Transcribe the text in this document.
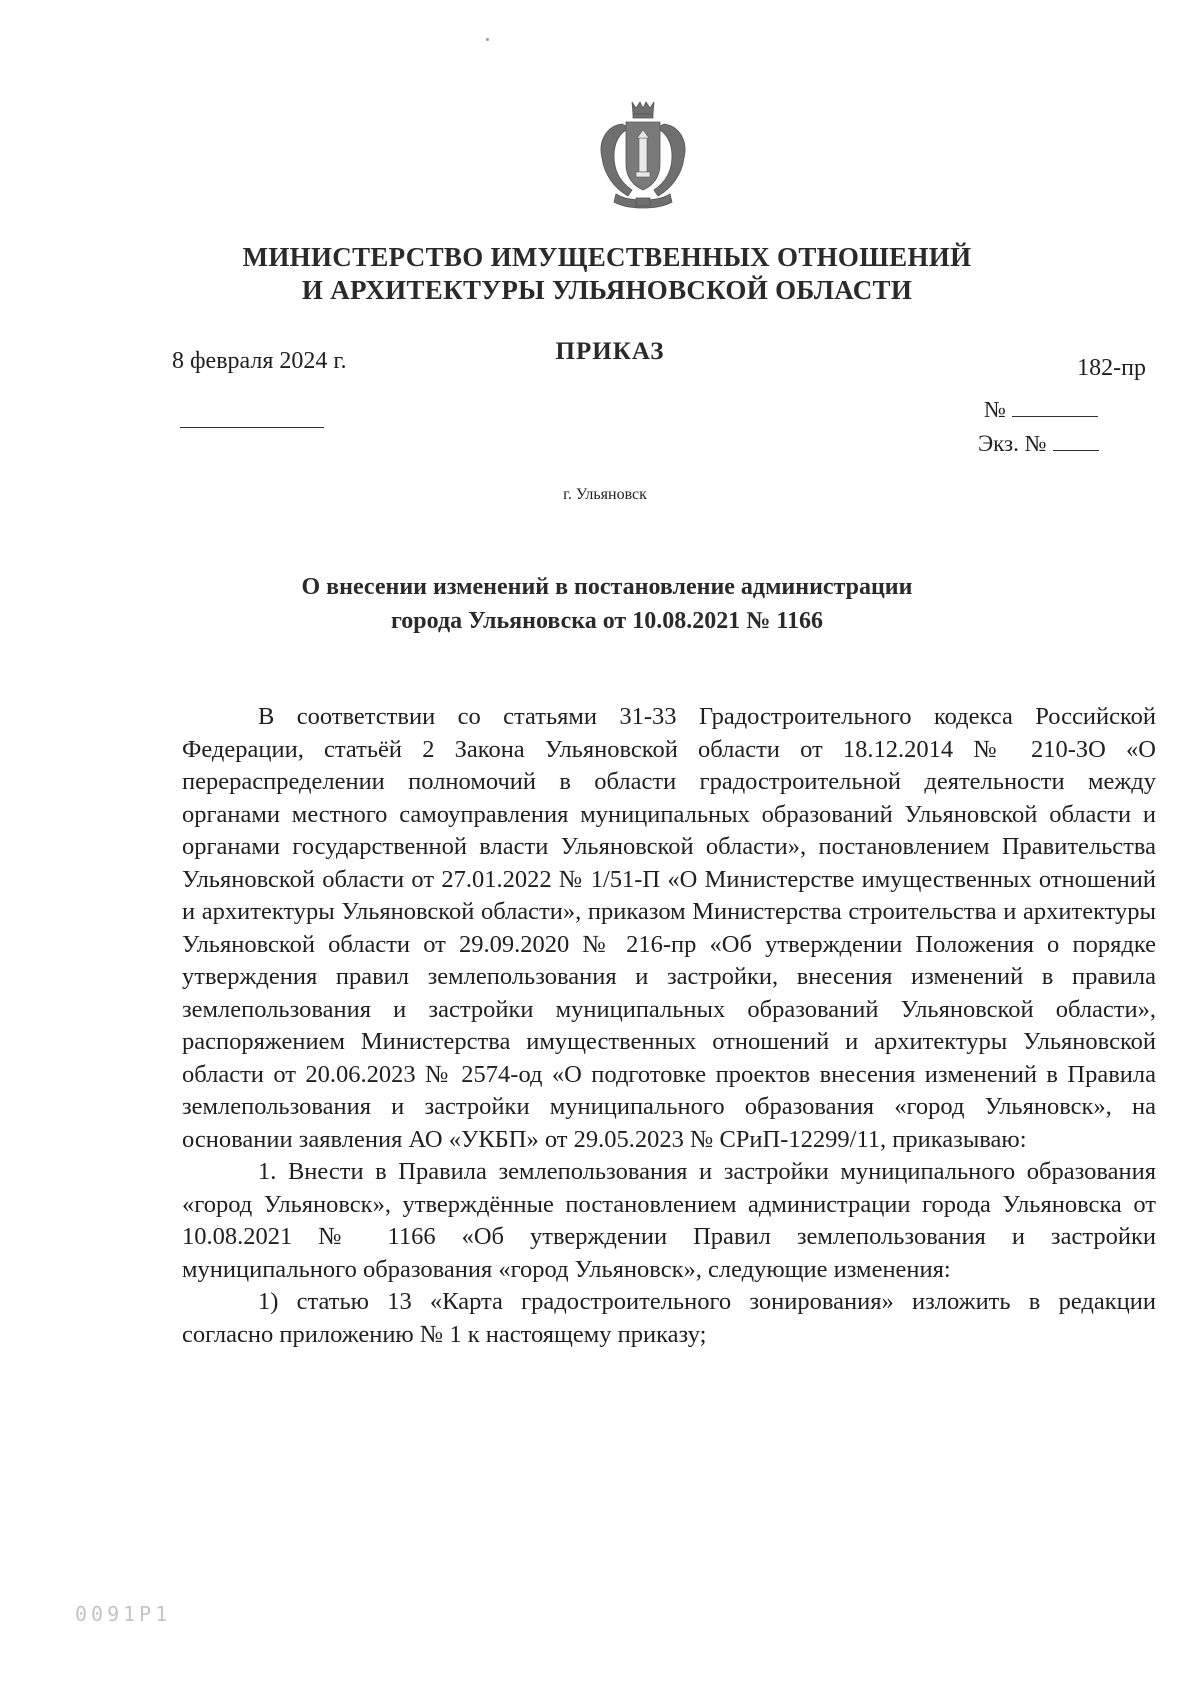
МИНИСТЕРСТВО ИМУЩЕСТВЕННЫХ ОТНОШЕНИЙ
И АРХИТЕКТУРЫ УЛЬЯНОВСКОЙ ОБЛАСТИ
ПРИКАЗ
8 февраля 2024 г.	182-пр
№
Экз. №
г. Ульяновск
О внесении изменений в постановление администрации
города Ульяновска от 10.08.2021 № 1166

В соответствии со статьями 31-33 Градостроительного кодекса Российской Федерации, статьёй 2 Закона Ульяновской области от 18.12.2014 № 210-ЗО «О перераспределении полномочий в области градостроительной деятельности между органами местного самоуправления муниципальных образований Ульяновской области и органами государственной власти Ульяновской области», постановлением Правительства Ульяновской области от 27.01.2022 № 1/51-П «О Министерстве имущественных отношений и архитектуры Ульяновской области», приказом Министерства строительства и архитектуры Ульяновской области от 29.09.2020 № 216-пр «Об утверждении Положения о порядке утверждения правил землепользования и застройки, внесения изменений в правила землепользования и застройки муниципальных образований Ульяновской области», распоряжением Министерства имущественных отношений и архитектуры Ульяновской области от 20.06.2023 № 2574-од «О подготовке проектов внесения изменений в Правила землепользования и застройки муниципального образования «город Ульяновск», на основании заявления АО «УКБП» от 29.05.2023 № СРиП-12299/11, приказываю:

1. Внести в Правила землепользования и застройки муниципального образования «город Ульяновск», утверждённые постановлением администрации города Ульяновска от 10.08.2021 № 1166 «Об утверждении Правил землепользования и застройки муниципального образования «город Ульяновск», следующие изменения:

1) статью 13 «Карта градостроительного зонирования» изложить в редакции согласно приложению № 1 к настоящему приказу;

0091Р1
